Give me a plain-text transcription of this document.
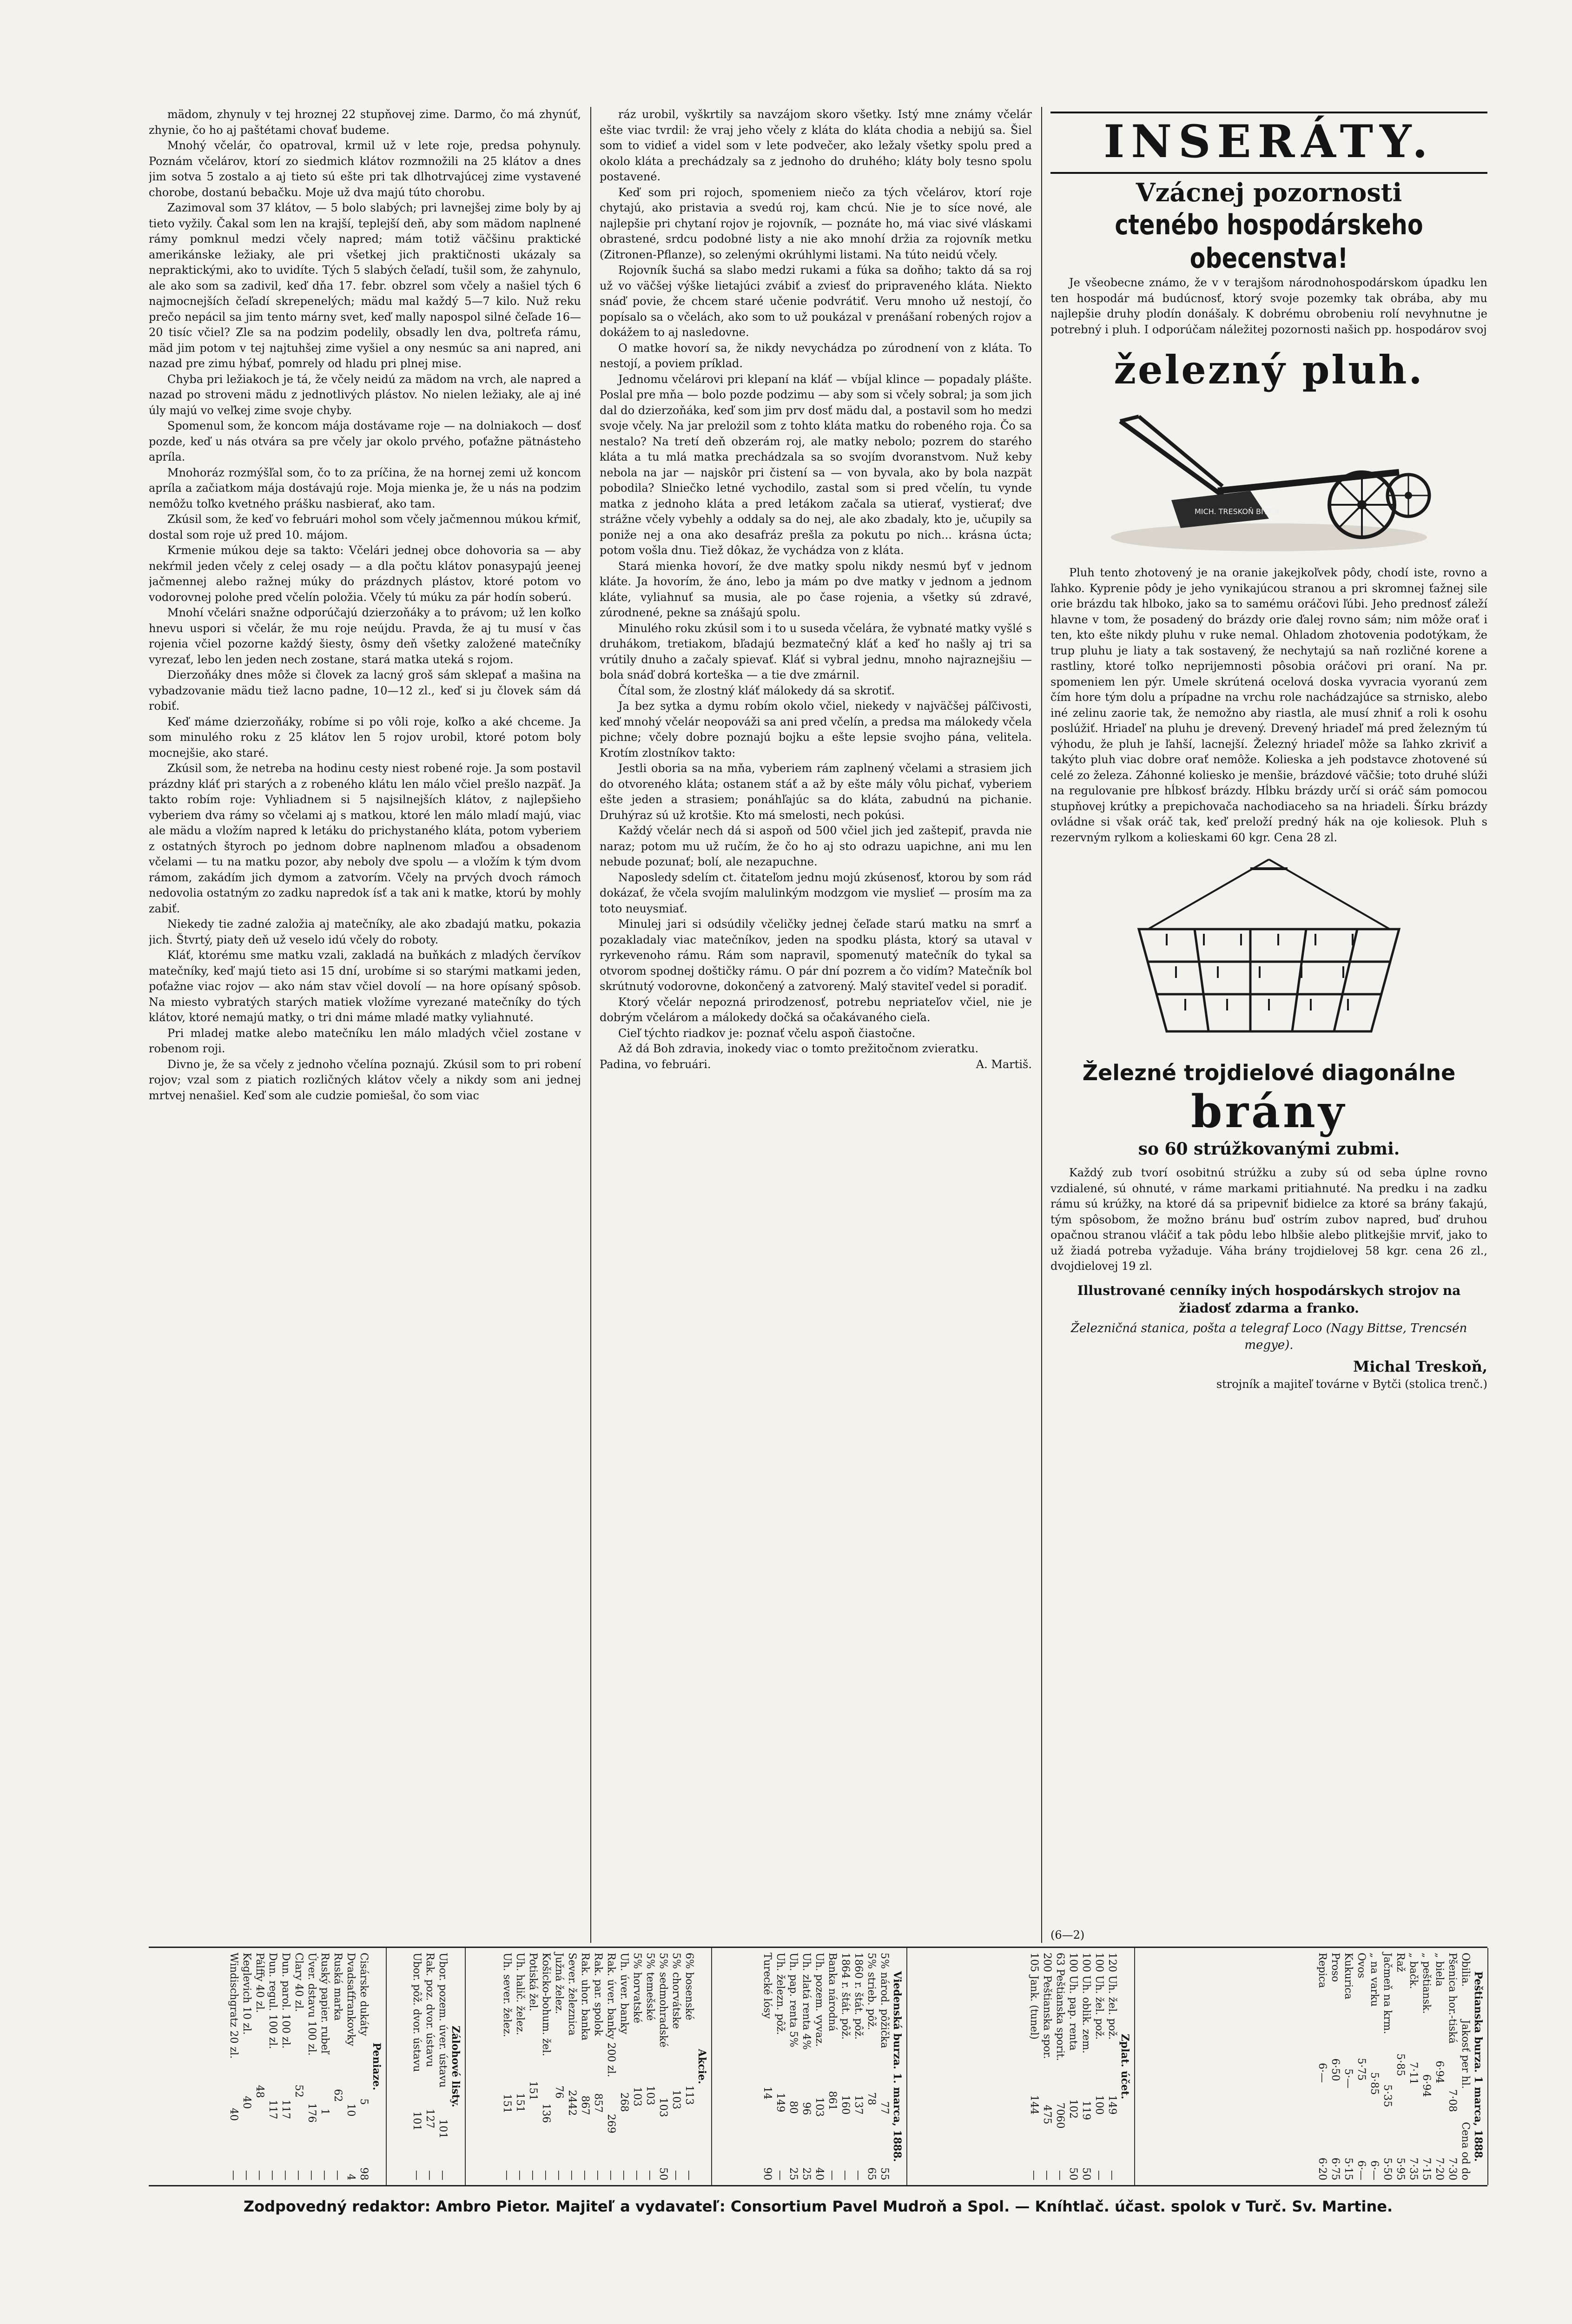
mädom, zhynuly v tej hroznej 22 stupňovej zime. Darmo, čo má zhynúť, zhynie, čo ho aj paštétami chovať budeme.

Mnohý včelár, čo opatroval, krmil už v lete roje, predsa pohynuly. Poznám včelárov, ktorí zo siedmich klátov rozmnožili na 25 klátov a dnes jim sotva 5 zostalo a aj tieto sú ešte pri tak dlhotrvajúcej zime vystavené chorobe, dostanú bebačku. Moje už dva majú túto chorobu.

Zazimoval som 37 klátov, — 5 bolo slabých; pri lavnejšej zime boly by aj tieto vyžily. Čakal som len na krajší, teplejší deň, aby som mädom naplnené rámy pomknul medzi včely napred; mám totiž väčšinu praktické amerikánske ležiaky, ale pri všetkej jich praktičnosti ukázaly sa nepraktickými, ako to uvidíte. Tých 5 slabých čeľadí, tušil som, že zahynulo, ale ako som sa zadivil, keď dňa 17. febr. obzrel som včely a našiel tých 6 najmocnejších čeľadí skrepenelých; mädu mal každý 5—7 kilo. Nuž reku prečo nepácil sa jim tento márny svet, keď mally napospol silné čeľade 16—20 tisíc včiel? Zle sa na podzim podelily, obsadly len dva, poltreťa rámu, mäd jim potom v tej najtuhšej zime vyšiel a ony nesmúc sa ani napred, ani nazad pre zimu hýbať, pomrely od hladu pri plnej mise.

Chyba pri ležiakoch je tá, že včely neidú za mädom na vrch, ale napred a nazad po stroveni mädu z jednotlivých plástov. No nielen ležiaky, ale aj iné úly majú vo veľkej zime svoje chyby.

Spomenul som, že koncom mája dostávame roje — na dolniakoch — dosť pozde, keď u nás otvára sa pre včely jar okolo prvého, poťažne pätnásteho apríla.

Mnohoráz rozmýšľal som, čo to za príčina, že na hornej zemi už koncom apríla a začiatkom mája dostávajú roje. Moja mienka je, že u nás na podzim nemôžu toľko kvetného prášku nasbierať, ako tam.

Zkúsil som, že keď vo februári mohol som včely jačmennou múkou kŕmiť, dostal som roje už pred 10. májom.

Krmenie múkou deje sa takto: Včelári jednej obce dohovoria sa — aby nekŕmil jeden včely z celej osady — a dla počtu klátov ponasypajú jeenej jačmennej alebo ražnej múky do prázdnych plástov, ktoré potom vo vodorovnej polohe pred včelín položia. Včely tú múku za pár hodín soberú.

Mnohí včelári snažne odporúčajú dzierzoňáky a to právom; už len koľko hnevu uspori si včelár, že mu roje neújdu. Pravda, že aj tu musí v čas rojenia včiel pozorne každý šiesty, ôsmy deň všetky založené matečníky vyrezať, lebo len jeden nech zostane, stará matka uteká s rojom.

Dierzoňáky dnes môže si človek za lacný groš sám sklepať a mašina na vybadzovanie mädu tiež lacno padne, 10—12 zl., keď si ju človek sám dá robiť.

Keď máme dzierzoňáky, robíme si po vôli roje, koľko a aké chceme. Ja som minulého roku z 25 klátov len 5 rojov urobil, ktoré potom boly mocnejšie, ako staré.

Zkúsil som, že netreba na hodinu cesty niest robené roje. Ja som postavil prázdny kláť pri starých a z robeného klátu len málo včiel prešlo nazpäť. Ja takto robím roje: Vyhliadnem si 5 najsilnejších klátov, z najlepšieho vyberiem dva rámy so včelami aj s matkou, ktoré len málo mladí majú, viac ale mädu a vložím napred k letáku do prichystaného kláta, potom vyberiem z ostatných štyroch po jednom dobre naplnenom mlaďou a obsadenom včelami — tu na matku pozor, aby neboly dve spolu — a vložím k tým dvom rámom, zakádím jich dymom a zatvorím. Včely na prvých dvoch rámoch nedovolia ostatným zo zadku napredok ísť a tak ani k matke, ktorú by mohly zabiť.

Niekedy tie zadné založia aj matečníky, ale ako zbadajú matku, pokazia jich. Štvrtý, piaty deň už veselo idú včely do roboty.

Kláť, ktorému sme matku vzali, zakladá na buňkách z mladých červíkov matečníky, keď majú tieto asi 15 dní, urobíme si so starými matkami jeden, poťažne viac rojov — ako nám stav včiel dovolí — na hore opísaný spôsob. Na miesto vybratých starých matiek vložíme vyrezané matečníky do tých klátov, ktoré nemajú matky, o tri dni máme mladé matky vyliahnuté.

Pri mladej matke alebo matečníku len málo mladých včiel zostane v robenom roji.

Divno je, že sa včely z jednoho včelína poznajú. Zkúsil som to pri robení rojov; vzal som z piatich rozličných klátov včely a nikdy som ani jednej mrtvej nenašiel. Keď som ale cudzie pomiešal, čo som viac

ráz urobil, vyškrtily sa navzájom skoro všetky. Istý mne známy včelár ešte viac tvrdil: že vraj jeho včely z kláta do kláta chodia a nebijú sa. Šiel som to vidieť a videl som v lete podvečer, ako ležaly všetky spolu pred a okolo kláta a prechádzaly sa z jednoho do druhého; kláty boly tesno spolu postavené.

Keď som pri rojoch, spomeniem niečo za tých včelárov, ktorí roje chytajú, ako pristavia a svedú roj, kam chcú. Nie je to síce nové, ale najlepšie pri chytaní rojov je rojovník, — poznáte ho, má viac sivé vláskami obrastené, srdcu podobné listy a nie ako mnohí držia za rojovník metku (Zitronen-Pflanze), so zelenými okrúhlymi listami. Na túto neidú včely.

Rojovník šuchá sa slabo medzi rukami a fúka sa doňho; takto dá sa roj už vo väčšej výške lietajúci zvábiť a zviesť do pripraveného kláta. Niekto snáď povie, že chcem staré učenie podvrátiť. Veru mnoho už nestojí, čo popísalo sa o včelách, ako som to už poukázal v prenášaní robených rojov a dokážem to aj nasledovne.

O matke hovorí sa, že nikdy nevychádza po zúrodnení von z kláta. To nestojí, a poviem príklad.

Jednomu včelárovi pri klepaní na kláť — vbíjal klince — popadaly plášte. Poslal pre mňa — bolo pozde podzimu — aby som si včely sobral; ja som jich dal do dzierzoňáka, keď som jim prv dosť mädu dal, a postavil som ho medzi svoje včely. Na jar prelożil som z tohto kláta matku do robeného roja. Čo sa nestalo? Na tretí deň obzerám roj, ale matky nebolo; pozrem do starého kláta a tu mlá matka prechádzala sa so svojím dvoranstvom. Nuž keby nebola na jar — najskôr pri čistení sa — von byvala, ako by bola nazpät pobodila? Slniečko letné vychodilo, zastal som si pred včelín, tu vynde matka z jednoho kláta a pred letákom začala sa utierať, vystierať; dve strážne včely vybehly a oddaly sa do nej, ale ako zbadaly, kto je, učupily sa poniže nej a ona ako desafráz prešla za pokutu po nich... krásna úcta; potom vošla dnu. Tiež dôkaz, že vychádza von z kláta.

Stará mienka hovorí, že dve matky spolu nikdy nesmú byť v jednom kláte. Ja hovorím, že áno, lebo ja mám po dve matky v jednom a jednom kláte, vyliahnuť sa musia, ale po čase rojenia, a všetky sú zdravé, zúrodnené, pekne sa znášajú spolu.

Minulého roku zkúsil som i to u suseda včelára, že vybnaté matky vyšlé s druhákom, tretiakom, bľadajú bezmatečný kláť a keď ho našly aj tri sa vrútily dnuho a začaly spievať. Kláť si vybral jednu, mnoho najraznejšiu — bola snáď dobrá korteška — a tie dve zmárnil.

Čítal som, že zlostný kláť málokedy dá sa skrotiť.

Ja bez sytka a dymu robím okolo včiel, niekedy v najväčšej páľčivosti, keď mnohý včelár neopováži sa ani pred včelín, a predsa ma málokedy včela pichne; včely dobre poznajú bojku a ešte lepsie svojho pána, velitela. Krotím zlostníkov takto:

Jestli oboria sa na mňa, vyberiem rám zaplnený včelami a strasiem jich do otvoreného kláta; ostanem stáť a až by ešte mály vôlu pichať, vyberiem ešte jeden a strasiem; ponáhľajúc sa do kláta, zabudnú na pichanie. Druhýraz sú už krotšie. Kto má smelosti, nech pokúsi.

Každý včelár nech dá si aspoň od 500 včiel jich jed zaštepiť, pravda nie naraz; potom mu už ručím, že čo ho aj sto odrazu uapichne, ani mu len nebude pozunať; bolí, ale nezapuchne.

Naposledy sdelím ct. čitateľom jednu mojú zkúsenosť, ktorou by som rád dokázať, že včela svojím malulinkým modzgom vie myslieť — prosím ma za toto neuysmiať.

Minulej jari si odsúdily včeličky jednej čeľade starú matku na smrť a pozakladaly viac matečníkov, jeden na spodku plásta, ktorý sa utaval v ryrkevenoho rámu. Rám som napravil, spomenutý matečník do tykal sa otvorom spodnej doštičky rámu. O pár dní pozrem a čo vidím? Matečník bol skrútnutý vodorovne, dokončený a zatvorený. Malý staviteľ vedel si poradiť.

Ktorý včelár nepozná prirodzenosť, potrebu nepriateľov včiel, nie je dobrým včelárom a málokedy dočká sa očakávaného cieľa.

Cieľ týchto riadkov je: poznať včelu aspoň čiastočne.

Až dá Boh zdravia, inokedy viac o tomto prežitočnom zvieratku.

Padina, vo februári.	A. Martiš.

INSERÁTY.
Vzácnej pozornosti
ctenébo hospodárskeho obecenstva!

Je všeobecne známo, že v v terajšom národnohospodárskom úpadku len ten hospodár má budúcnosť, ktorý svoje pozemky tak obrába, aby mu najlepšie druhy plodín donášaly. K dobrému obrobeniu rolí nevyhnutne je potrebný i pluh. I odporúčam náležitej pozornosti našich pp. hospodárov svoj

železný pluh.
MICH. TRESKOŇ BITTSE

Pluh tento zhotovený je na oranie jakejkoľvek pôdy, chodí iste, rovno a ľahko. Kyprenie pôdy je jeho vynikajúcou stranou a pri skromnej ťažnej sile orie brázdu tak hlboko, jako sa to samému oráčovi ľúbi. Jeho prednosť záleží hlavne v tom, že posadený do brázdy orie ďalej rovno sám; nim môže orať i ten, kto ešte nikdy pluhu v ruke nemal. Ohladom zhotovenia podotýkam, že trup pluhu je liaty a tak sostavený, že nechytajú sa naň rozličné korene a rastliny, ktoré toľko neprijemnosti pôsobia oráčovi pri oraní. Na pr. spomeniem len pýr. Umele skrútená ocelová doska vyvracia vyoranú zem čím hore tým dolu a prípadne na vrchu role nachádzajúce sa strnisko, alebo iné zelinu zaorie tak, že nemožno aby riastla, ale musí zhniť a roli k osohu poslúžiť. Hriadeľ na pluhu je drevený. Drevený hriadeľ má pred železným tú výhodu, že pluh je ľahší, lacnejší. Železný hriadeľ môže sa ľahko zkriviť a takýto pluh viac dobre orať nemôže. Kolieska a jeh podstavce zhotovené sú celé zo železa. Záhonné koliesko je menšie, brázdové väčšie; toto druhé slúži na regulovanie pre hĺbkosť brázdy. Hĺbku brázdy určí si oráč sám pomocou stupňovej krútky a prepichovača nachodiaceho sa na hriadeli. Šírku brázdy ovládne si však oráč tak, keď preloží predný hák na oje koliesok. Pluh s rezervným rylkom a kolieskami 60 kgr. Cena 28 zl.

Železné trojdielové diagonálne
brány
so 60 strúžkovanými zubmi.

Každý zub tvorí osobitnú strúžku a zuby sú od seba úplne rovno vzdialené, sú ohnuté, v ráme markami pritiahnuté. Na predku i na zadku rámu sú krúžky, na ktoré dá sa pripevniť bidielce za ktoré sa brány ťakajú, tým spôsobom, že možno bránu buď ostrím zubov napred, buď druhou opačnou stranou vláčiť a tak pôdu lebo hlbšie alebo plitkejšie mrviť, jako to už žiadá potreba vyžaduje. Váha brány trojdielovej 58 kgr. cena 26 zl., dvojdielovej 19 zl.

Illustrované cenníky iných hospodárskych strojov na žiadosť zdarma a franko.
Železničná stanica, pošta a telegraf Loco (Nagy Bittse, Trencsén megye).
Michal Treskoň,
strojník a majiteľ továrne v Bytči (stolica trenč.)
(6—2)
Peniaze.
Cisárske dukáty
5
98
Dvadsaťfrankovky
10
4
Ruská marka
62
—
Ruský papier. rubeľ
1
—
Úver. dstavu 100 zl.
176
—
Clary 40 zl.
52
—
Dun. parol. 100 zl.
117
—
Dun. regul. 100 zl.
117
—
Pálffy 40 zl.
48
—
Keglevich 10 zl.
40
—
Windischgratz 20 zl.
40
—
Zálohové listy.
Ubor. pozem. úver. ústavu
101
—
Rak. poz. dvor. ústavu
127
—
Ubor. pôž. dvor. ústavu
101
—
Akcie.
6% bosenské
113
—
5% chorvátske
103
—
5% sedmohradské
103
50
5% temešské
103
—
5% horvatské
103
—
Uh. úver. banky
268
—
Rak. úver. banky 200 zl.
269
—
Rak. par. spolok
857
—
Rak. uhor. banka
867
—
Sever. železnica
2442
—
Južná želez.
76
—
Košicko-bohum. žel.
136
—
Potiská žel.
151
—
Uh. halič. želez.
151
—
Uh. sever. želez.
151
—
Viedenská burza. 1. marca, 1888.
5% národ. pôžička
77
55
5% strieb. pôž.
78
65
1860 r. štát. pôž.
137
—
1864 r. štát. pôž.
160
—
Banka národná
861
—
Uh. pozem. vyvaz.
103
40
Uh. zlatá renta 4%
96
25
Uh. pap. renta 5%
80
25
Uh. železn. pôž.
149
—
Turecké lósy
14
90
Zplat. účet.
120 Uh. žel. pož.
149
—
100 Uh. žel. pož.
100
—
100 Uh. oblik. zem.
119
50
100 Uh. pap. renta
102
50
63 Peštianska sporit.
7060
—
200 Peštianska spor.
475
—
105 Jank. (tunel)
144
—
Peštianska burza. 1 marca, 1888.
Obilia.
Jakosť per hl.
Cena od do
Pšenica hor.-tiská
7·08
7·30
„ biela
6·94
7·20
„ peštiansk.
6·94
7·15
„ bačk.
7·11
7·35
Raž
5·85
5·95
Jačmeň na krm.
5·35
5·50
„ na varku
5·85
6·—
Ovos
5·75
6·—
Kukurica
5·—
5·15
Proso
6·50
6·75
Repica
6·—
6·20
Zodpovedný redaktor: Ambro Pietor. Majiteľ a vydavateľ: Consortium Pavel Mudroň a Spol. — Kníhtlač. účast. spolok v Turč. Sv. Martine.
